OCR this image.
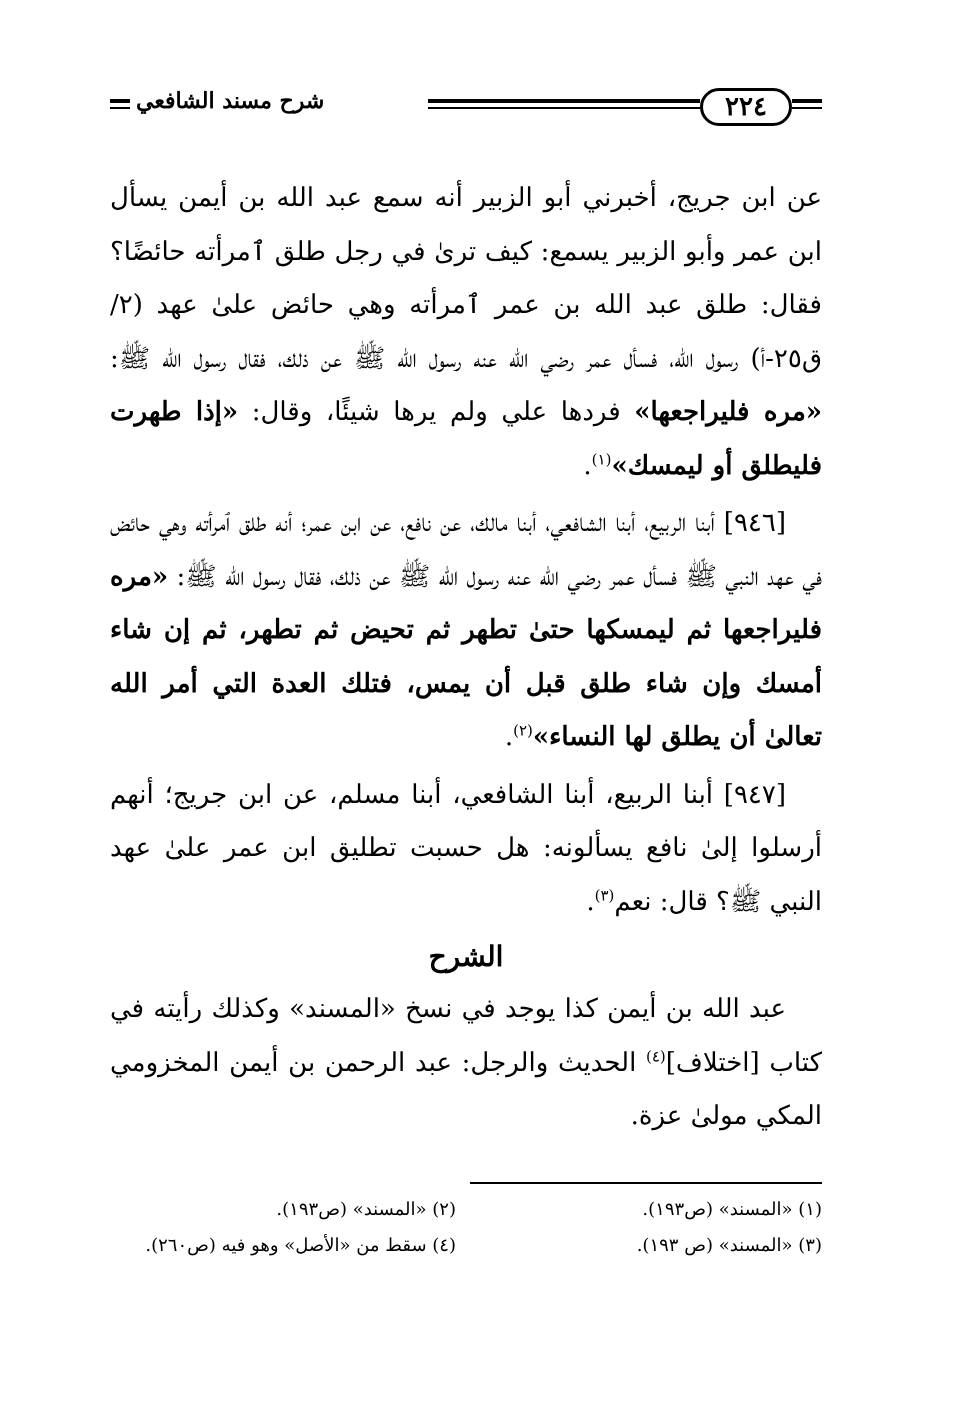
٢٢٤
شرح مسند الشافعي

عن ابن جريج، أخبرني أبو الزبير أنه سمع عبد الله بن أيمن يسأل ابن عمر وأبو الزبير يسمع: كيف ترىٰ في رجل طلق ٱمرأته حائضًا؟ فقال: طلق عبد الله بن عمر ٱمرأته وهي حائض علىٰ عهد (٢/ ق٢٥-أ) رسول الله، فسأل عمر رضي الله عنه رسول الله ﷺ عن ذلك، فقال رسول الله ﷺ: «مره فليراجعها» فردها علي ولم يرها شيئًا، وقال: «إذا طهرت فليطلق أو ليمسك»$^{(١)}$.

[٩٤٦] أبنا الربيع، أبنا الشافعي، أبنا مالك، عن نافع، عن ابن عمر؛ أنه طلق ٱمرأته وهي حائض في عهد النبي ﷺ فسأل عمر رضي الله عنه رسول الله ﷺ عن ذلك، فقال رسول الله ﷺ: «مره فليراجعها ثم ليمسكها حتىٰ تطهر ثم تحيض ثم تطهر، ثم إن شاء أمسك وإن شاء طلق قبل أن يمس، فتلك العدة التي أمر الله تعالىٰ أن يطلق لها النساء»$^{(٢)}$.

[٩٤٧] أبنا الربيع، أبنا الشافعي، أبنا مسلم، عن ابن جريج؛ أنهم أرسلوا إلىٰ نافع يسألونه: هل حسبت تطليق ابن عمر علىٰ عهد النبي ﷺ؟ قال: نعم$^{(٣)}$.

الشرح

عبد الله بن أيمن كذا يوجد في نسخ «المسند» وكذلك رأيته في كتاب [اختلاف]$^{(٤)}$ الحديث والرجل: عبد الرحمن بن أيمن المخزومي المكي مولىٰ عزة.

(١) «المسند» (ص١٩٣).
(٢) «المسند» (ص١٩٣).
(٣) «المسند» (ص ١٩٣).
(٤) سقط من «الأصل» وهو فيه (ص٢٦٠).
